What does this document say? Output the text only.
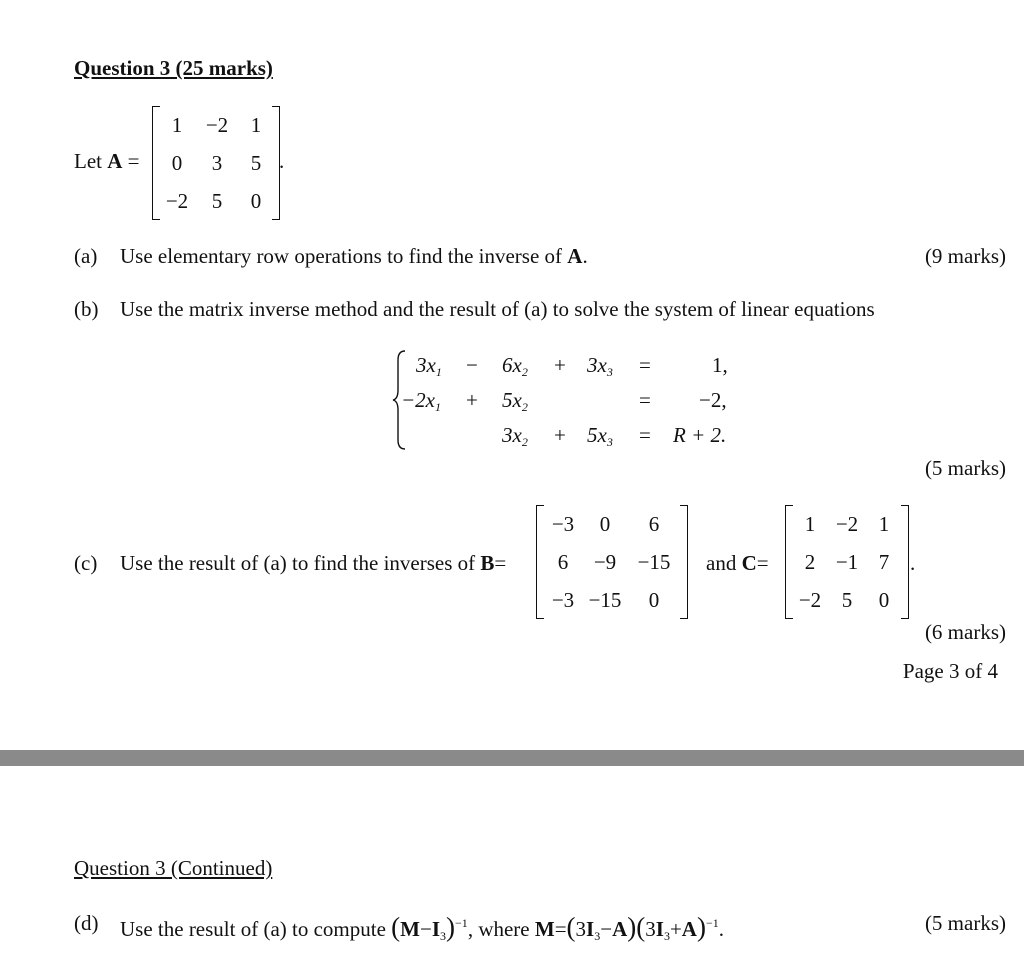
Question 3 (25 marks)
Let A =
1	−2	1
0	3	5
−2	5	0
.
(a) Use elementary row operations to find the inverse of A.	(9 marks)
(b) Use the matrix inverse method and the result of (a) to solve the system of linear equations
$3x_1 - 6x_2 + 3x_3$ =	1,
$-2x_1 + 5x_2$	= −2,
$3x_2 + 5x_3 = R + 2$.
(5 marks)
(c) Use the result of (a) to find the inverses of B=
−3	0	6
6	−9	−15
−3 −15	0
and C=
1 −2 1
2 −1 7
−2 5	0
.
(6 marks)
Page 3 of 4
Question 3 (Continued)
(d) Use the result of (a) to compute $(M-I_3)^{-1}$, where $M=(3I_3-A)(3I_3+A)^{-1}$.	(5 marks)
